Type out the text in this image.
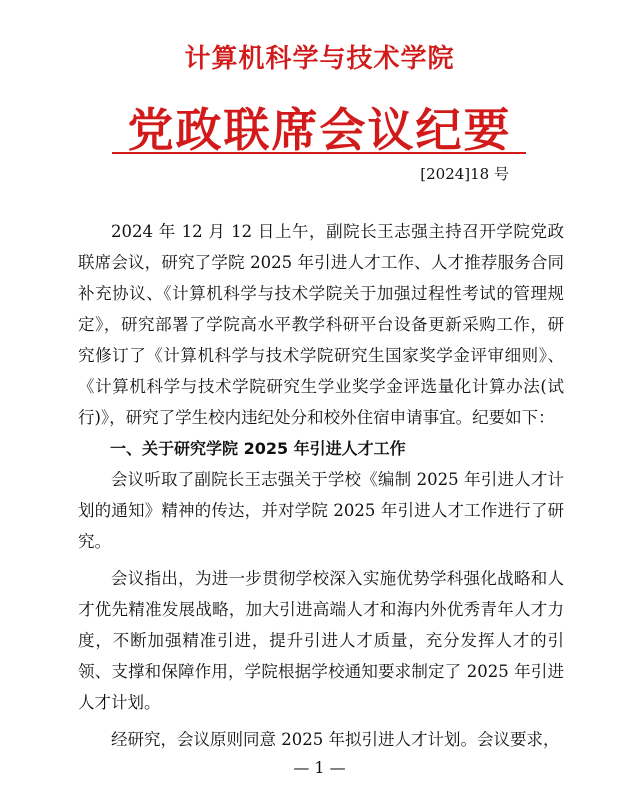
计算机科学与技术学院
党政联席会议纪要
[2024]18 号

2024 年 12 月 12 日上午，副院长王志强主持召开学院党政联席会议，研究了学院 2025 年引进人才工作、人才推荐服务合同补充协议、《计算机科学与技术学院关于加强过程性考试的管理规定》，研究部署了学院高水平教学科研平台设备更新采购工作，研究修订了《计算机科学与技术学院研究生国家奖学金评审细则》、《计算机科学与技术学院研究生学业奖学金评选量化计算办法(试行)》，研究了学生校内违纪处分和校外住宿申请事宜。纪要如下：

一、关于研究学院 2025 年引进人才工作

会议听取了副院长王志强关于学校《编制 2025 年引进人才计划的通知》精神的传达，并对学院 2025 年引进人才工作进行了研究。

会议指出，为进一步贯彻学校深入实施优势学科强化战略和人才优先精准发展战略，加大引进高端人才和海内外优秀青年人才力度，不断加强精准引进，提升引进人才质量，充分发挥人才的引领、支撑和保障作用，学院根据学校通知要求制定了 2025 年引进人才计划。

经研究，会议原则同意 2025 年拟引进人才计划。会议要求，

— 1 —
